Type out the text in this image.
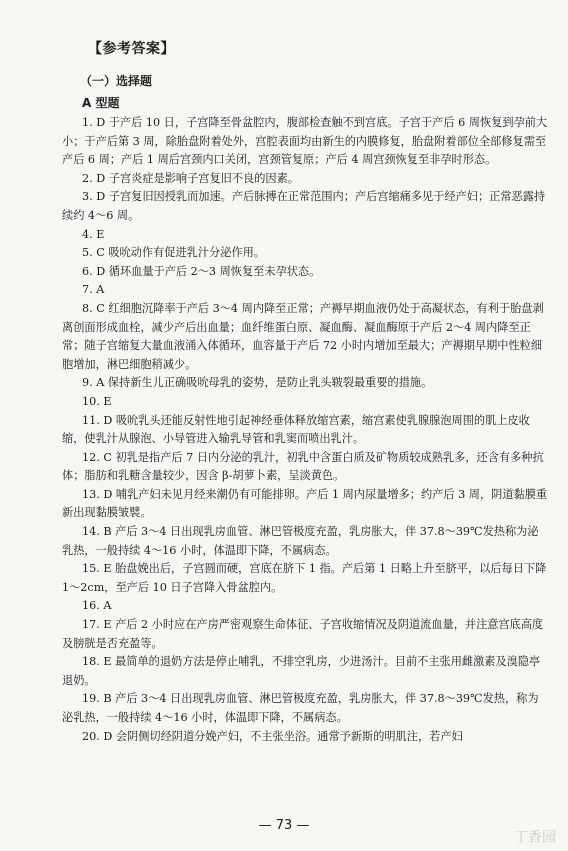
【参考答案】
（一）选择题
A 型题

1. D 于产后 10 日，子宫降至骨盆腔内，腹部检查触不到宫底。子宫于产后 6 周恢复到孕前大小；于产后第 3 周，除胎盘附着处外，宫腔表面均由新生的内膜修复，胎盘附着部位全部修复需至产后 6 周；产后 1 周后宫颈内口关闭，宫颈管复原；产后 4 周宫颈恢复至非孕时形态。

2. D 子宫炎症是影响子宫复旧不良的因素。

3. D 子宫复旧因授乳而加速。产后脉搏在正常范围内；产后宫缩痛多见于经产妇；正常恶露持续约 4～6 周。

4. E

5. C 吸吮动作有促进乳汁分泌作用。

6. D 循环血量于产后 2～3 周恢复至未孕状态。

7. A

8. C 红细胞沉降率于产后 3～4 周内降至正常；产褥早期血液仍处于高凝状态，有利于胎盘剥离创面形成血栓，减少产后出血量；血纤维蛋白原、凝血酶、凝血酶原于产后 2～4 周内降至正常；随子宫缩复大量血液涌入体循环，血容量于产后 72 小时内增加至最大；产褥期早期中性粒细胞增加，淋巴细胞稍减少。

9. A 保持新生儿正确吸吮母乳的姿势，是防止乳头皲裂最重要的措施。

10. E

11. D 吸吮乳头还能反射性地引起神经垂体释放缩宫素，缩宫素使乳腺腺泡周围的肌上皮收缩，使乳汁从腺泡、小导管进入输乳导管和乳窦而喷出乳汁。

12. C 初乳是指产后 7 日内分泌的乳汁，初乳中含蛋白质及矿物质较成熟乳多，还含有多种抗体；脂肪和乳糖含量较少，因含 β-胡萝卜素，呈淡黄色。

13. D 哺乳产妇未见月经来潮仍有可能排卵。产后 1 周内尿量增多；约产后 3 周，阴道黏膜重新出现黏膜皱襞。

14. B 产后 3～4 日出现乳房血管、淋巴管极度充盈，乳房胀大，伴 37.8～39℃发热称为泌乳热，一般持续 4～16 小时，体温即下降，不属病态。

15. E 胎盘娩出后，子宫圆而硬，宫底在脐下 1 指。产后第 1 日略上升至脐平，以后每日下降 1～2cm，至产后 10 日子宫降入骨盆腔内。

16. A

17. E 产后 2 小时应在产房严密观察生命体征、子宫收缩情况及阴道流血量，并注意宫底高度及膀胱是否充盈等。

18. E 最简单的退奶方法是停止哺乳，不排空乳房，少进汤汁。目前不主张用雌激素及溴隐亭退奶。

19. B 产后 3～4 日出现乳房血管、淋巴管极度充盈，乳房胀大，伴 37.8～39℃发热，称为泌乳热，一般持续 4～16 小时，体温即下降，不属病态。

20. D 会阴侧切经阴道分娩产妇，不主张坐浴。通常予新斯的明肌注，若产妇

— 73 —
丁香园
